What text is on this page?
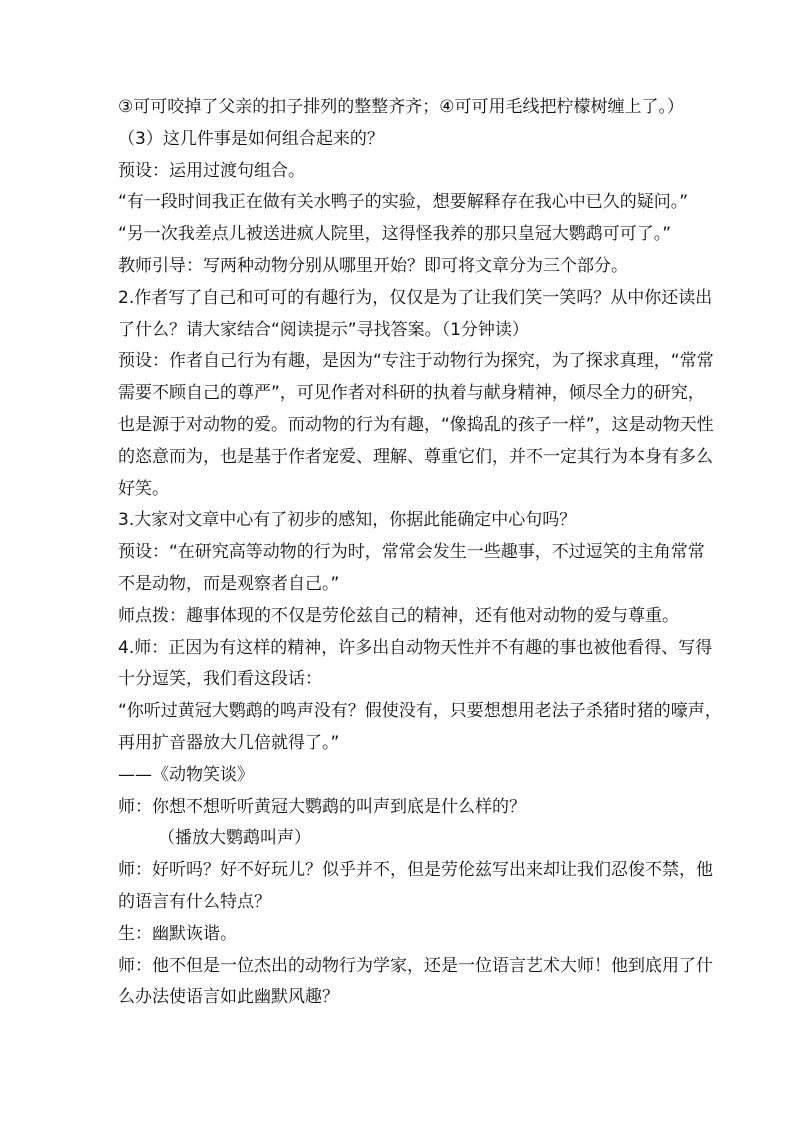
③可可咬掉了父亲的扣子排列的整整齐齐；④可可用毛线把柠檬树缠上了。）
（3）这几件事是如何组合起来的？
预设：运用过渡句组合。
“有一段时间我正在做有关水鸭子的实验，想要解释存在我心中已久的疑问。”
“另一次我差点儿被送进疯人院里，这得怪我养的那只皇冠大鹦鹉可可了。”
教师引导：写两种动物分别从哪里开始？即可将文章分为三个部分。
2.作者写了自己和可可的有趣行为，仅仅是为了让我们笑一笑吗？从中你还读出
了什么？请大家结合“阅读提示”寻找答案。（1分钟读）
预设：作者自己行为有趣，是因为“专注于动物行为探究，为了探求真理，“常常
需要不顾自己的尊严”，可见作者对科研的执着与献身精神，倾尽全力的研究，
也是源于对动物的爱。而动物的行为有趣，“像捣乱的孩子一样”，这是动物天性
的恣意而为，也是基于作者宠爱、理解、尊重它们，并不一定其行为本身有多么
好笑。
3.大家对文章中心有了初步的感知，你据此能确定中心句吗？
预设：“在研究高等动物的行为时，常常会发生一些趣事，不过逗笑的主角常常
不是动物，而是观察者自己。”
师点拨：趣事体现的不仅是劳伦兹自己的精神，还有他对动物的爱与尊重。
4.师：正因为有这样的精神，许多出自动物天性并不有趣的事也被他看得、写得
十分逗笑，我们看这段话：
“你听过黄冠大鹦鹉的鸣声没有？假使没有，只要想想用老法子杀猪时猪的嚎声，
再用扩音器放大几倍就得了。”
——《动物笑谈》
师：你想不想听听黄冠大鹦鹉的叫声到底是什么样的？
（播放大鹦鹉叫声）
师：好听吗？好不好玩儿？似乎并不，但是劳伦兹写出来却让我们忍俊不禁，他
的语言有什么特点？
生：幽默诙谐。
师：他不但是一位杰出的动物行为学家，还是一位语言艺术大师！他到底用了什
么办法使语言如此幽默风趣？
